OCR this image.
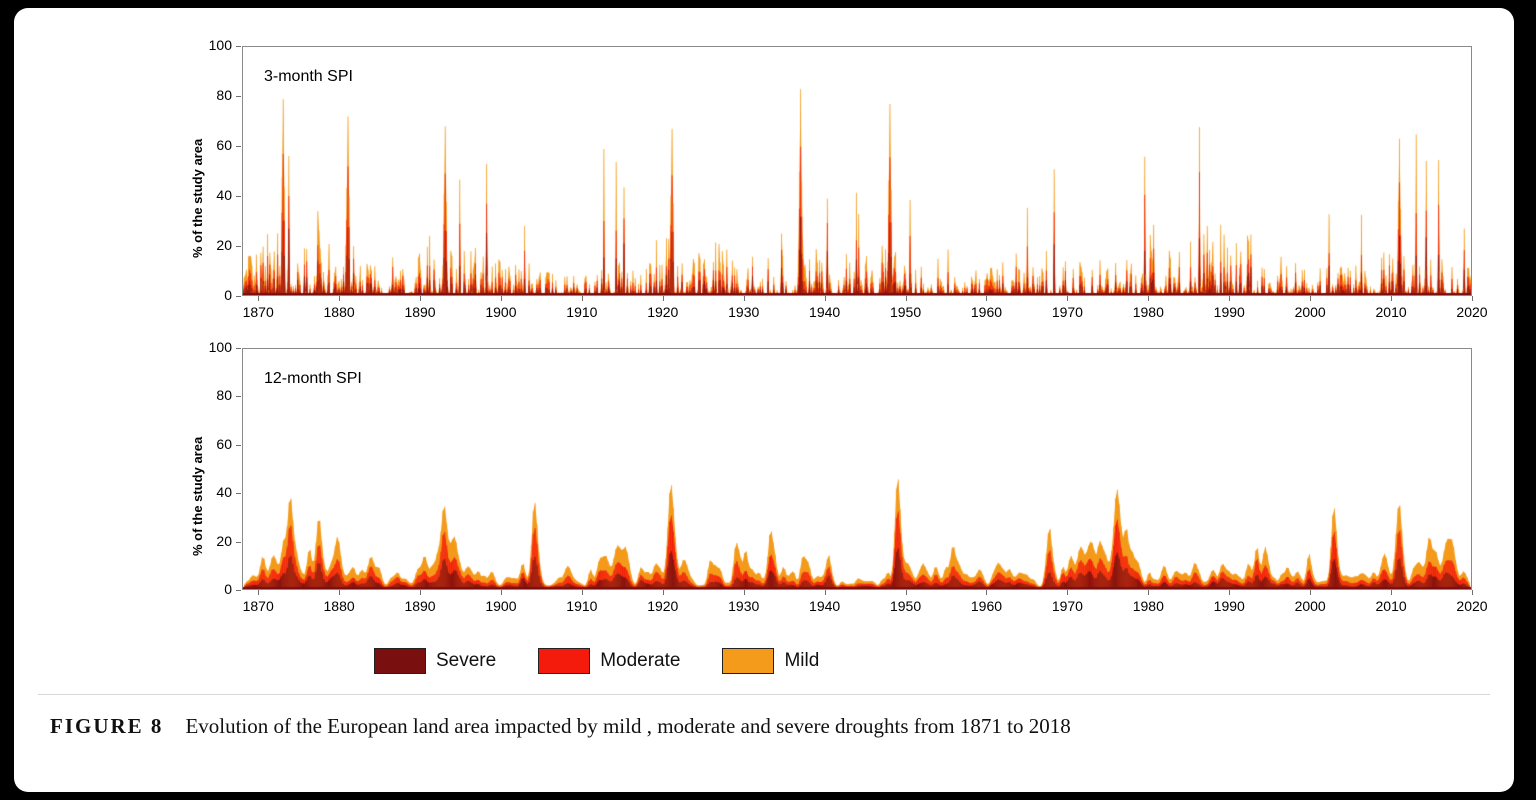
% of the study area
3-month SPI
0
20
40
60
80
100
1870	1880	1890	1900	1910	1920	1930	1940	1950	1960	1970	1980	1990	2000	2010	2020
% of the study area
12-month SPI
0
20
40
60
80
100
1870	1880	1890	1900	1910	1920	1930	1940	1950	1960	1970	1980	1990	2000	2010	2020
Severe	Moderate	Mild
FIGURE 8 Evolution of the European land area impacted by mild , moderate and severe droughts from 1871 to 2018
